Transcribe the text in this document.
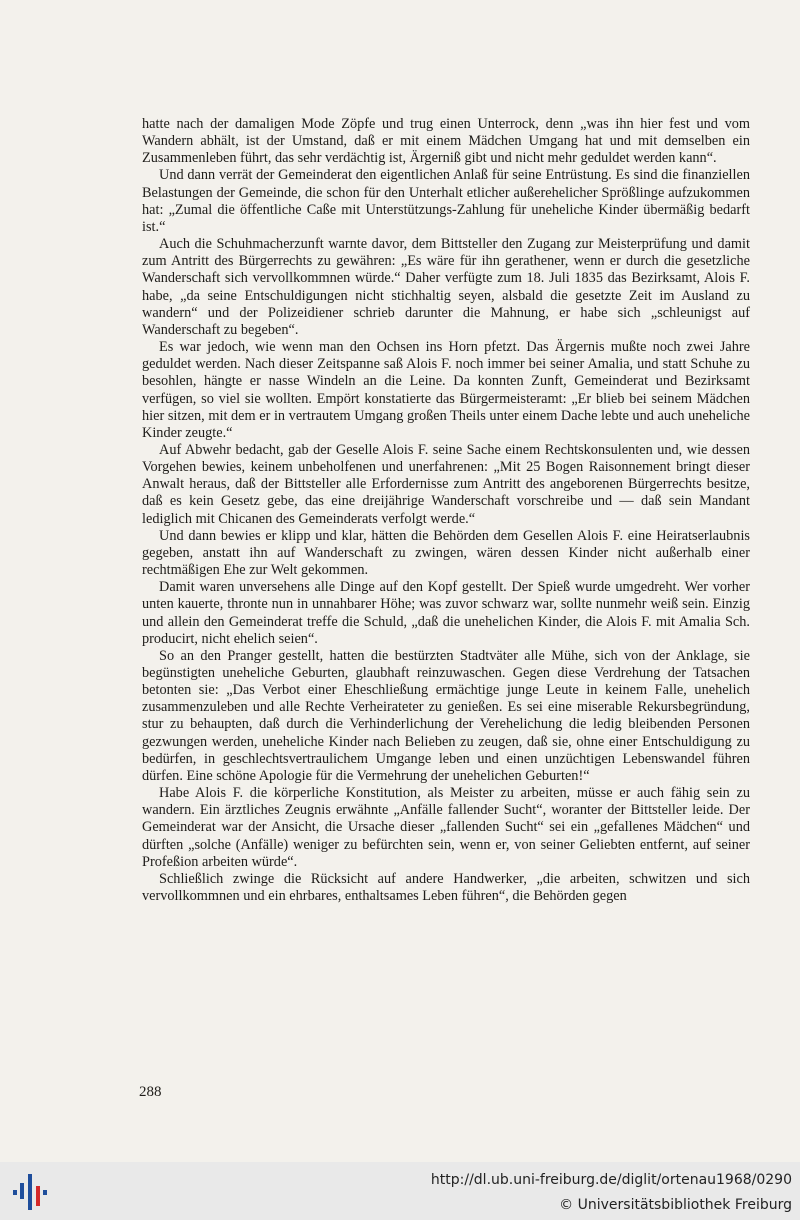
hatte nach der damaligen Mode Zöpfe und trug einen Unterrock, denn „was ihn hier fest und vom Wandern abhält, ist der Umstand, daß er mit einem Mädchen Umgang hat und mit demselben ein Zusammenleben führt, das sehr verdächtig ist, Ärgerniß gibt und nicht mehr geduldet werden kann“.

Und dann verrät der Gemeinderat den eigentlichen Anlaß für seine Entrüstung. Es sind die finanziellen Belastungen der Gemeinde, die schon für den Unterhalt etlicher außerehelicher Sprößlinge aufzukommen hat: „Zumal die öffentliche Caße mit Unterstützungs-Zahlung für uneheliche Kinder übermäßig bedarft ist.“

Auch die Schuhmacherzunft warnte davor, dem Bittsteller den Zugang zur Meisterprüfung und damit zum Antritt des Bürgerrechts zu gewähren: „Es wäre für ihn gerathener, wenn er durch die gesetzliche Wanderschaft sich vervollkommnen würde.“ Daher verfügte zum 18. Juli 1835 das Bezirksamt, Alois F. habe, „da seine Entschuldigungen nicht stichhaltig seyen, alsbald die gesetzte Zeit im Ausland zu wandern“ und der Polizeidiener schrieb darunter die Mahnung, er habe sich „schleunigst auf Wanderschaft zu begeben“.

Es war jedoch, wie wenn man den Ochsen ins Horn pfetzt. Das Ärgernis mußte noch zwei Jahre geduldet werden. Nach dieser Zeitspanne saß Alois F. noch immer bei seiner Amalia, und statt Schuhe zu besohlen, hängte er nasse Windeln an die Leine. Da konnten Zunft, Gemeinderat und Bezirksamt verfügen, so viel sie wollten. Empört konstatierte das Bürgermeisteramt: „Er blieb bei seinem Mädchen hier sitzen, mit dem er in vertrautem Umgang großen Theils unter einem Dache lebte und auch uneheliche Kinder zeugte.“

Auf Abwehr bedacht, gab der Geselle Alois F. seine Sache einem Rechtskonsulenten und, wie dessen Vorgehen bewies, keinem unbeholfenen und unerfahrenen: „Mit 25 Bogen Raisonnement bringt dieser Anwalt heraus, daß der Bittsteller alle Erfordernisse zum Antritt des angeborenen Bürgerrechts besitze, daß es kein Gesetz gebe, das eine dreijährige Wanderschaft vorschreibe und — daß sein Mandant lediglich mit Chicanen des Gemeinderats verfolgt werde.“

Und dann bewies er klipp und klar, hätten die Behörden dem Gesellen Alois F. eine Heiratserlaubnis gegeben, anstatt ihn auf Wanderschaft zu zwingen, wären dessen Kinder nicht außerhalb einer rechtmäßigen Ehe zur Welt gekommen.

Damit waren unversehens alle Dinge auf den Kopf gestellt. Der Spieß wurde umgedreht. Wer vorher unten kauerte, thronte nun in unnahbarer Höhe; was zuvor schwarz war, sollte nunmehr weiß sein. Einzig und allein den Gemeinderat treffe die Schuld, „daß die unehelichen Kinder, die Alois F. mit Amalia Sch. producirt, nicht ehelich seien“.

So an den Pranger gestellt, hatten die bestürzten Stadtväter alle Mühe, sich von der Anklage, sie begünstigten uneheliche Geburten, glaubhaft reinzuwaschen. Gegen diese Verdrehung der Tatsachen betonten sie: „Das Verbot einer Eheschließung ermächtige junge Leute in keinem Falle, unehelich zusammenzuleben und alle Rechte Verheirateter zu genießen. Es sei eine miserable Rekursbegründung, stur zu behaupten, daß durch die Verhinderlichung der Verehelichung die ledig bleibenden Personen gezwungen werden, uneheliche Kinder nach Belieben zu zeugen, daß sie, ohne einer Entschuldigung zu bedürfen, in geschlechtsvertraulichem Umgange leben und einen unzüchtigen Lebenswandel führen dürfen. Eine schöne Apologie für die Vermehrung der unehelichen Geburten!“

Habe Alois F. die körperliche Konstitution, als Meister zu arbeiten, müsse er auch fähig sein zu wandern. Ein ärztliches Zeugnis erwähnte „Anfälle fallender Sucht“, woranter der Bittsteller leide. Der Gemeinderat war der Ansicht, die Ursache dieser „fallenden Sucht“ sei ein „gefallenes Mädchen“ und dürften „solche (Anfälle) weniger zu befürchten sein, wenn er, von seiner Geliebten entfernt, auf seiner Profeßion arbeiten würde“.

Schließlich zwinge die Rücksicht auf andere Handwerker, „die arbeiten, schwitzen und sich vervollkommnen und ein ehrbares, enthaltsames Leben führen“, die Behörden gegen

288
http://dl.ub.uni-freiburg.de/diglit/ortenau1968/0290
© Universitätsbibliothek Freiburg
